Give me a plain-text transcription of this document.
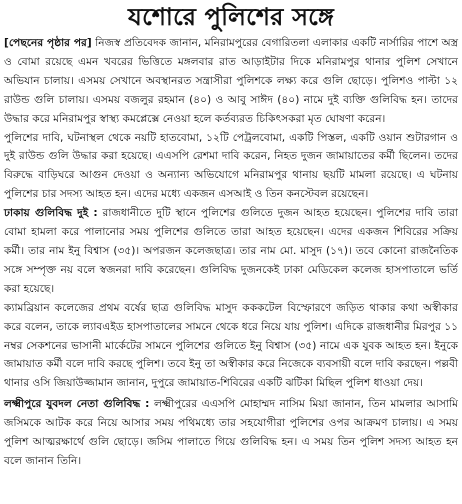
যশোরে পুলিশের সঙ্গে

[পেছনের পৃষ্ঠার পর] নিজস্ব প্রতিবেদক জানান, মনিরামপুরের বেগারিতলা এলাকার একটি নার্সারির পাশে অস্ত্র ও বোমা রয়েছে এমন খবরের ভিত্তিতে মঙ্গলবার রাত আড়াইটার দিকে মনিরামপুর থানার পুলিশ সেখানে অভিযান চালায়। এসময় সেখানে অবস্থানরত সন্ত্রাসীরা পুলিশকে লক্ষ্য করে গুলি ছোড়ে। পুলিশও পাল্টা ১২ রাউন্ড গুলি চালায়। এসময় বজলুর রহমান (৪০) ও আবু সাঈদ (৪০) নামে দুই ব্যক্তি গুলিবিদ্ধ হন। তাদের উদ্ধার করে মনিরামপুর স্বাস্থ্য কমপ্লেক্সে নেওয়া হলে কর্তব্যরত চিকিৎসকরা মৃত ঘোষণা করেন।

পুলিশের দাবি, ঘটনাস্থল থেকে নয়টি হাতবোমা, ১২টি পেট্রলবোমা, একটি পিস্তল, একটি ওয়ান শুটারগান ও দুই রাউন্ড গুলি উদ্ধার করা হয়েছে। এএসপি রেশমা দাবি করেন, নিহত দুজন জামায়াতের কর্মী ছিলেন। তদের বিরুদ্ধে বাড়িঘরে আগুন দেওয়া ও অন্যান্য অভিযোগে মনিরামপুর থানায় ছয়টি মামলা রয়েছে। এ ঘটনায় পুলিশের চার সদস্য আহত হন। এদের মধ্যে একজন এসআই ও তিন কনস্টেবল রয়েছেন।

ঢাকায় গুলিবিদ্ধ দুই : রাজধানীতে দুটি স্থানে পুলিশের গুলিতে দুজন আহত হয়েছেন। পুলিশের দাবি তারা বোমা হামলা করে পালানোর সময় পুলিশের গুলিতে তারা আহত হয়েছেন। এদের একজন শিবিরের সক্রিয় কর্মী। তার নাম ইনু বিশ্বাস (৩৫)। অপরজন কলেজছাত্র। তার নাম মো. মাসুদ (১৭)। তবে কোনো রাজনৈতিক সঙ্গে সম্পৃক্ত নয় বলে স্বজনরা দাবি করেছেন। গুলিবিদ্ধ দুজনকেই ঢাকা মেডিকেল কলেজ হাসপাতালে ভর্তি করা হয়েছে।

ক্যামব্রিয়ান কলেজের প্রথম বর্ষের ছাত্র গুলিবিদ্ধ মাসুদ কককটেল বিস্ফোরণে জড়িত থাকার কথা অস্বীকার করে বলেন, তাকে ল্যাবএইড হাসপাতালের সামনে থেকে ধরে নিয়ে যায় পুলিশ। এদিকে রাজধানীর মিরপুর ১১ নম্বর সেকশনের ভাসানী মার্কেটের সামনে পুলিশের গুলিতে ইনু বিশ্বাস (৩৫) নামে এক যুবক আহত হন। ইনুকে জামায়াত কর্মী বলে দাবি করছে পুলিশ। তবে ইনু তা অস্বীকার করে নিজেকে ব্যবসায়ী বলে দাবি করছেন। পল্লবী থানার ওসি জিয়াউজ্জামান জানান, দুপুরে জামায়াত-শিবিরের একটি ঝটিকা মিছিল পুলিশ ধাওয়া দেয়।

লক্ষ্মীপুরে যুবদল নেতা গুলিবিদ্ধ : লক্ষ্মীপুরের এএসপি মোহাম্মদ নাসিম মিয়া জানান, তিন মামলার আসামি জসিমকে আটক করে নিয়ে আসার সময় পথিমধ্যে তার সহযোগীরা পুলিশের ওপর আক্রমণ চালায়। এ সময় পুলিশ আত্মরক্ষার্থে গুলি ছোড়ে। জসিম পালাতে গিয়ে গুলিবিদ্ধ হন। এ সময় তিন পুলিশ সদস্য আহত হন বলে জানান তিনি।
